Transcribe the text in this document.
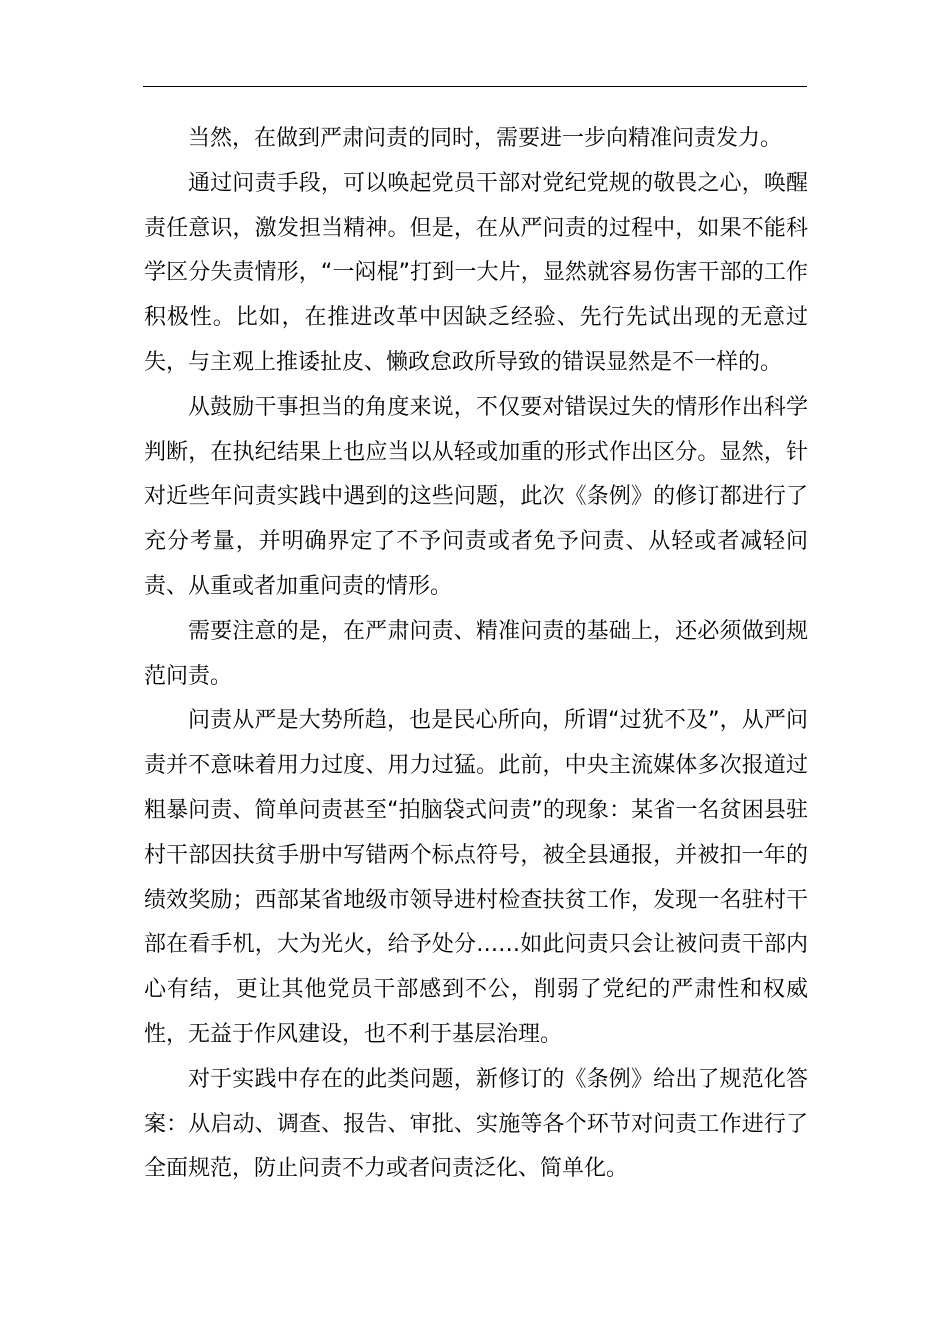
当然，在做到严肃问责的同时，需要进一步向精准问责发力。

通过问责手段，可以唤起党员干部对党纪党规的敬畏之心，唤醒责任意识，激发担当精神。但是，在从严问责的过程中，如果不能科学区分失责情形，“一闷棍”打到一大片，显然就容易伤害干部的工作积极性。比如，在推进改革中因缺乏经验、先行先试出现的无意过失，与主观上推诿扯皮、懒政怠政所导致的错误显然是不一样的。

从鼓励干事担当的角度来说，不仅要对错误过失的情形作出科学判断，在执纪结果上也应当以从轻或加重的形式作出区分。显然，针对近些年问责实践中遇到的这些问题，此次《条例》的修订都进行了充分考量，并明确界定了不予问责或者免予问责、从轻或者减轻问责、从重或者加重问责的情形。

需要注意的是，在严肃问责、精准问责的基础上，还必须做到规范问责。

问责从严是大势所趋，也是民心所向，所谓“过犹不及”，从严问责并不意味着用力过度、用力过猛。此前，中央主流媒体多次报道过粗暴问责、简单问责甚至“拍脑袋式问责”的现象：某省一名贫困县驻村干部因扶贫手册中写错两个标点符号，被全县通报，并被扣一年的绩效奖励；西部某省地级市领导进村检查扶贫工作，发现一名驻村干部在看手机，大为光火，给予处分……如此问责只会让被问责干部内心有结，更让其他党员干部感到不公，削弱了党纪的严肃性和权威性，无益于作风建设，也不利于基层治理。

对于实践中存在的此类问题，新修订的《条例》给出了规范化答案：从启动、调查、报告、审批、实施等各个环节对问责工作进行了全面规范，防止问责不力或者问责泛化、简单化。
